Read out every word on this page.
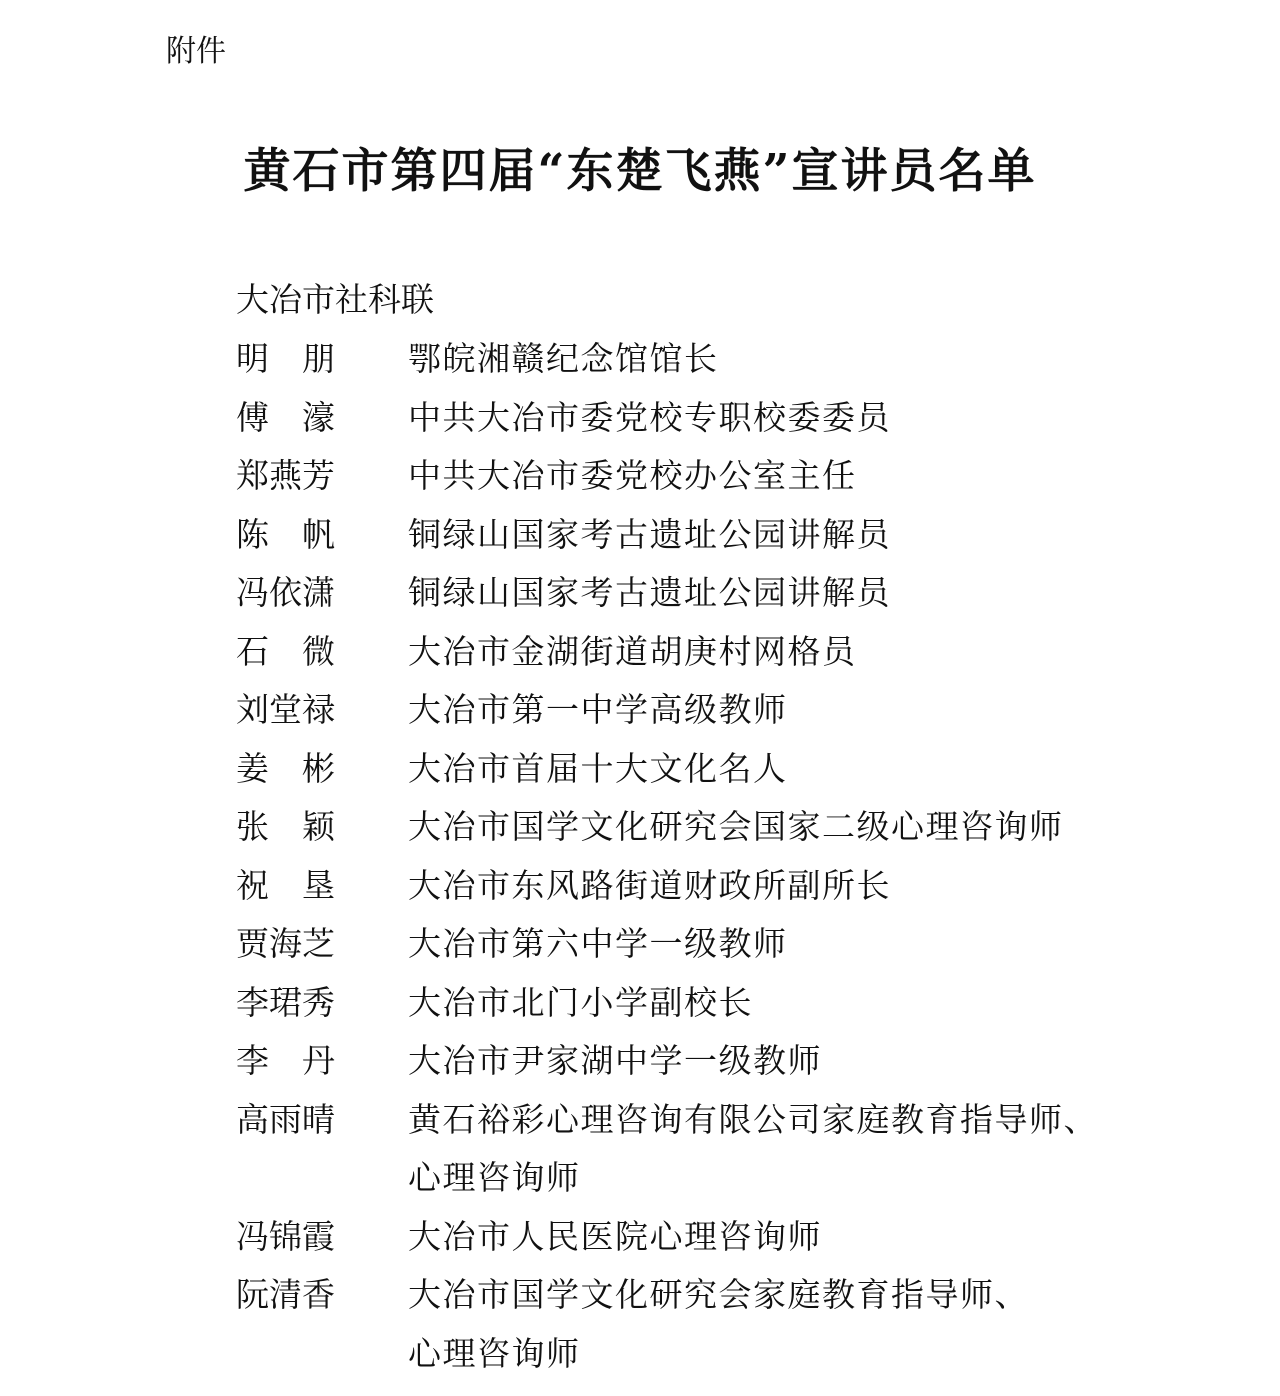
附件
黄石市第四届“东楚飞燕”宣讲员名单
大冶市社科联
明　朋	鄂皖湘赣纪念馆馆长
傅　濠	中共大冶市委党校专职校委委员
郑燕芳	中共大冶市委党校办公室主任
陈　帆	铜绿山国家考古遗址公园讲解员
冯依潇	铜绿山国家考古遗址公园讲解员
石　微	大冶市金湖街道胡庚村网格员
刘堂禄	大冶市第一中学高级教师
姜　彬	大冶市首届十大文化名人
张　颖	大冶市国学文化研究会国家二级心理咨询师
祝　垦	大冶市东风路街道财政所副所长
贾海芝	大冶市第六中学一级教师
李珺秀	大冶市北门小学副校长
李　丹	大冶市尹家湖中学一级教师
高雨晴	黄石裕彩心理咨询有限公司家庭教育指导师、
心理咨询师
冯锦霞	大冶市人民医院心理咨询师
阮清香	大冶市国学文化研究会家庭教育指导师、
心理咨询师
